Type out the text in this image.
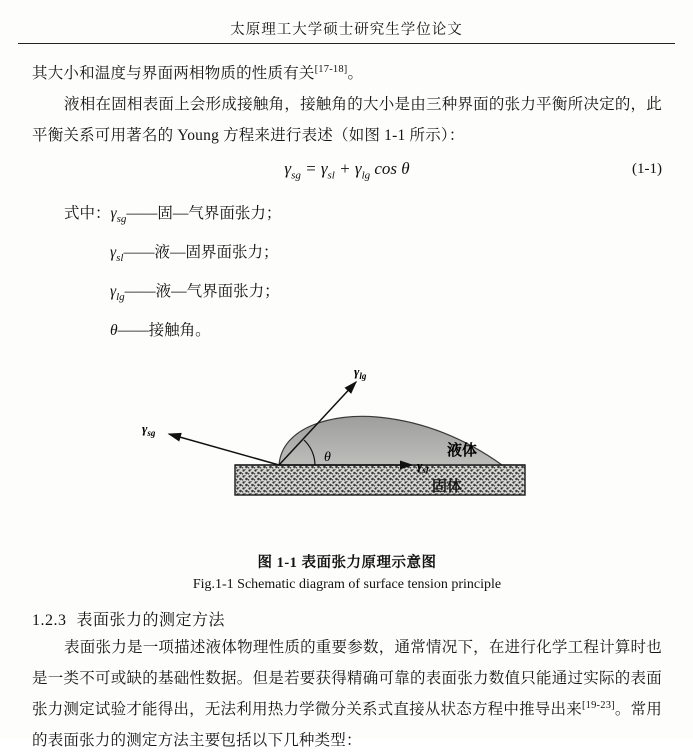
太原理工大学硕士研究生学位论文

其大小和温度与界面两相物质的性质有关[17-18]。

液相在固相表面上会形成接触角，接触角的大小是由三种界面的张力平衡所决定的，此平衡关系可用著名的 Young 方程来进行表述（如图 1-1 所示）：

$\gamma_{sg} = \gamma_{sl} + \gamma_{lg}$ cos θ	(1-1)
式中：$\gamma_{sg}——$固—气界面张力；
$\gamma_{sl}——$液—固界面张力；
$\gamma_{lg}——$液—气界面张力；
θ——接触角。
$\gamma_{lg}$
$\gamma_{sg}$
$\gamma_{sl}$
θ	液体
固体
图 1-1 表面张力原理示意图
Fig.1-1 Schematic diagram of surface tension principle
1.2.3 表面张力的测定方法

表面张力是一项描述液体物理性质的重要参数，通常情况下，在进行化学工程计算时也是一类不可或缺的基础性数据。但是若要获得精确可靠的表面张力数值只能通过实际的表面张力测定试验才能得出，无法利用热力学微分关系式直接从状态方程中推导出来[19-23]。常用的表面张力的测定方法主要包括以下几种类型：
